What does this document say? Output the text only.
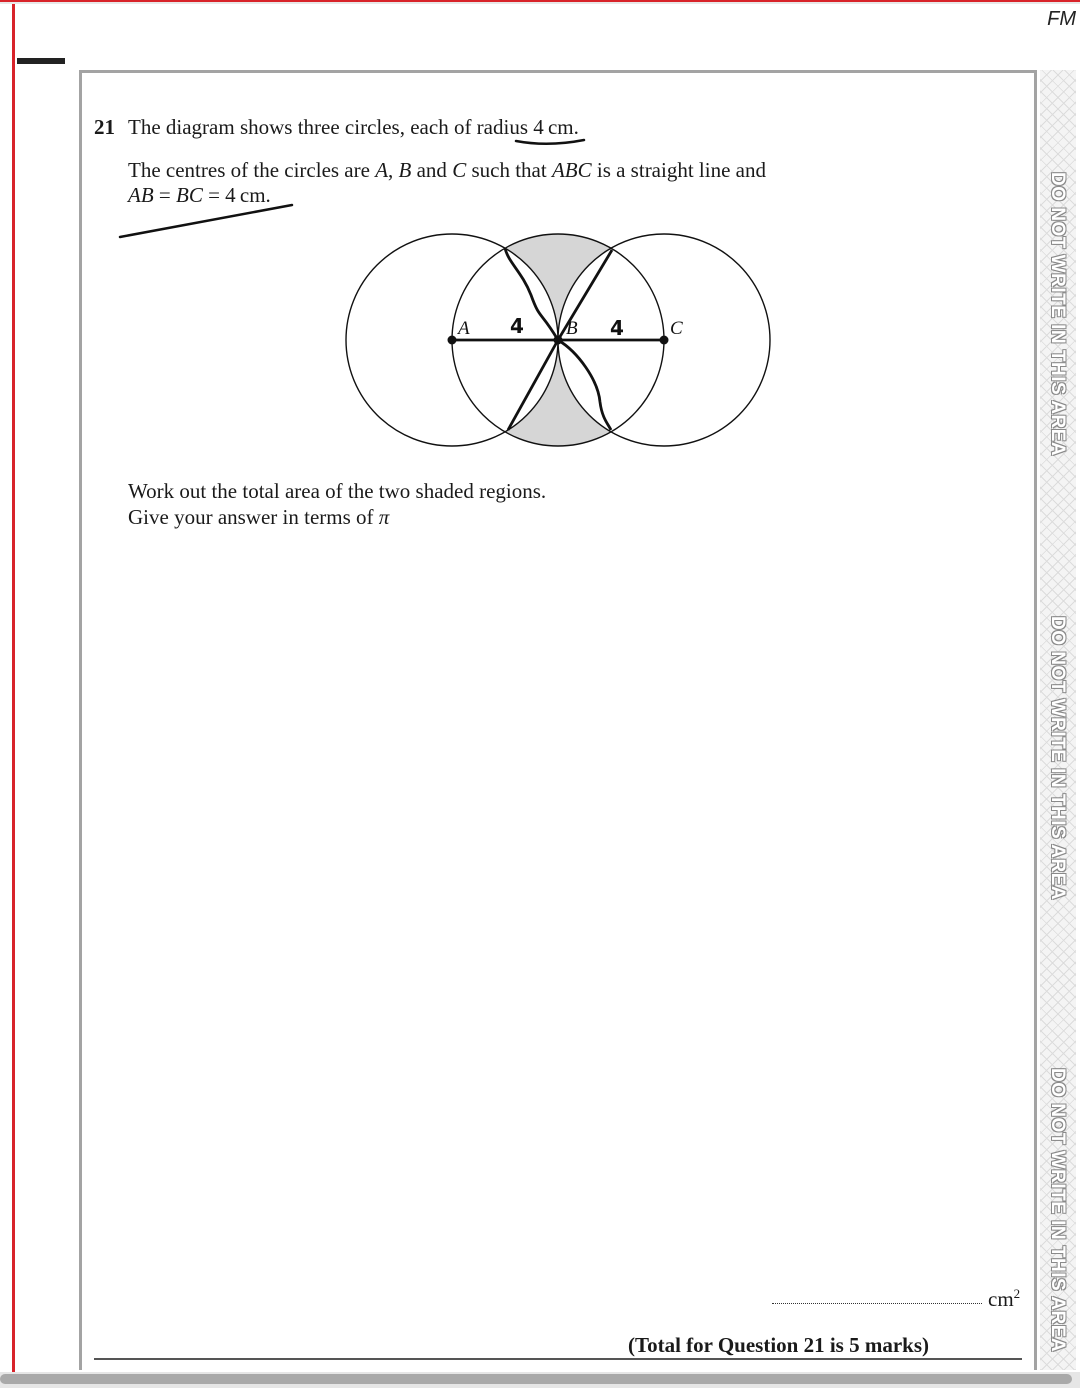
FM
DO NOT WRITE IN THIS AREA
DO NOT WRITE IN THIS AREA
DO NOT WRITE IN THIS AREA
21 The diagram shows three circles, each of radius 4 cm.
The centres of the circles are A, B and C such that ABC is a straight line and
AB = BC = 4 cm.
A	B	C
4	4
Work out the total area of the two shaded regions.
Give your answer in terms of π
$cm^2$
(Total for Question 21 is 5 marks)
